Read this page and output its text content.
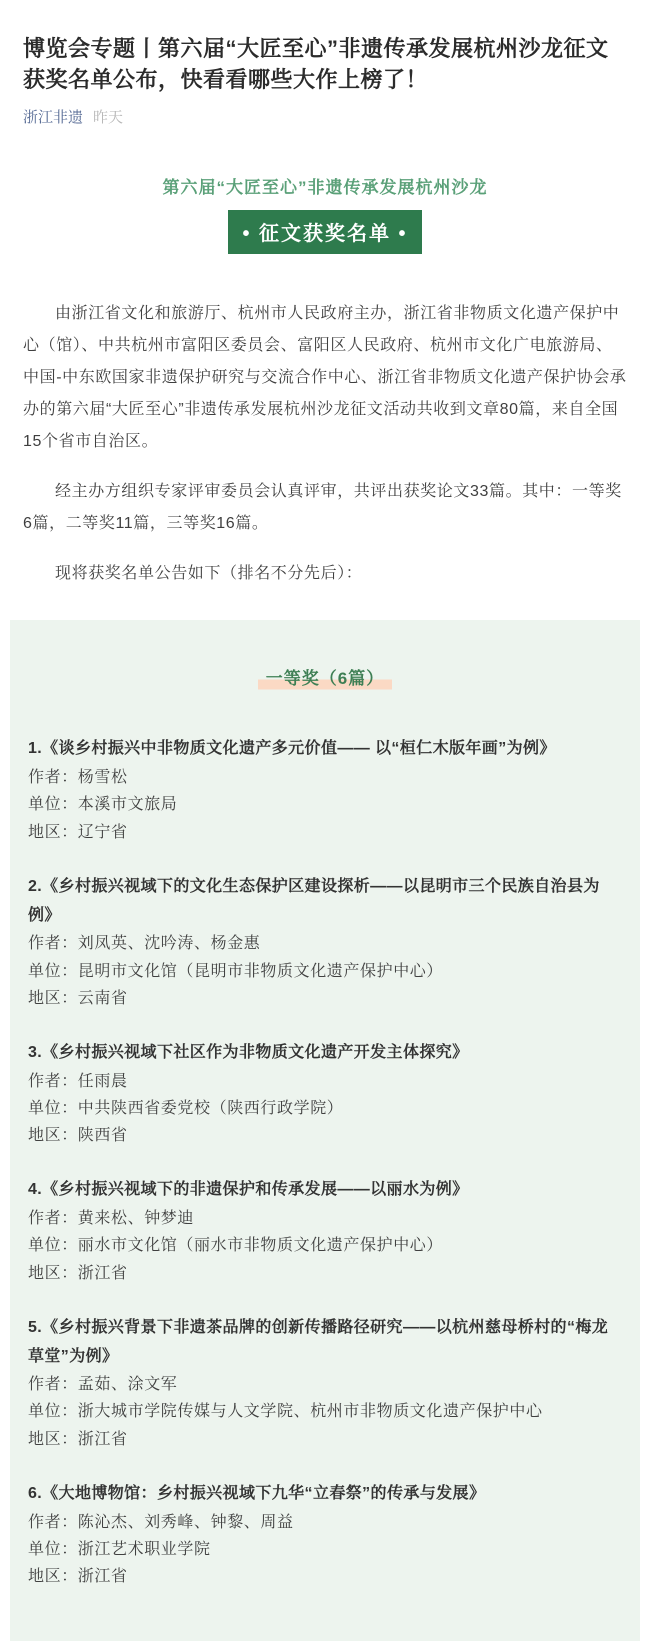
博览会专题丨第六届“大匠至心”非遗传承发展杭州沙龙征文获奖名单公布，快看看哪些大作上榜了！
浙江非遗 昨天
第六届“大匠至心”非遗传承发展杭州沙龙
• 征文获奖名单 •

由浙江省文化和旅游厅、杭州市人民政府主办，浙江省非物质文化遗产保护中心（馆）、中共杭州市富阳区委员会、富阳区人民政府、杭州市文化广电旅游局、中国-中东欧国家非遗保护研究与交流合作中心、浙江省非物质文化遗产保护协会承办的第六届“大匠至心”非遗传承发展杭州沙龙征文活动共收到文章80篇，来自全国15个省市自治区。

经主办方组织专家评审委员会认真评审，共评出获奖论文33篇。其中：一等奖6篇，二等奖11篇，三等奖16篇。

现将获奖名单公告如下（排名不分先后）：

一等奖（6篇）

1.《谈乡村振兴中非物质文化遗产多元价值—— 以“桓仁木版年画”为例》

作者：杨雪松

单位：本溪市文旅局

地区：辽宁省

2.《乡村振兴视域下的文化生态保护区建设探析——以昆明市三个民族自治县为例》

作者：刘凤英、沈吟涛、杨金惠

单位：昆明市文化馆（昆明市非物质文化遗产保护中心）

地区：云南省

3.《乡村振兴视域下社区作为非物质文化遗产开发主体探究》

作者：任雨晨

单位：中共陕西省委党校（陕西行政学院）

地区：陕西省

4.《乡村振兴视域下的非遗保护和传承发展——以丽水为例》

作者：黄来松、钟梦迪

单位：丽水市文化馆（丽水市非物质文化遗产保护中心）

地区：浙江省

5.《乡村振兴背景下非遗茶品牌的创新传播路径研究——以杭州慈母桥村的“梅龙草堂”为例》

作者：孟茹、涂文军

单位：浙大城市学院传媒与人文学院、杭州市非物质文化遗产保护中心

地区：浙江省

6.《大地博物馆：乡村振兴视域下九华“立春祭”的传承与发展》

作者：陈沁杰、刘秀峰、钟黎、周益

单位：浙江艺术职业学院

地区：浙江省
